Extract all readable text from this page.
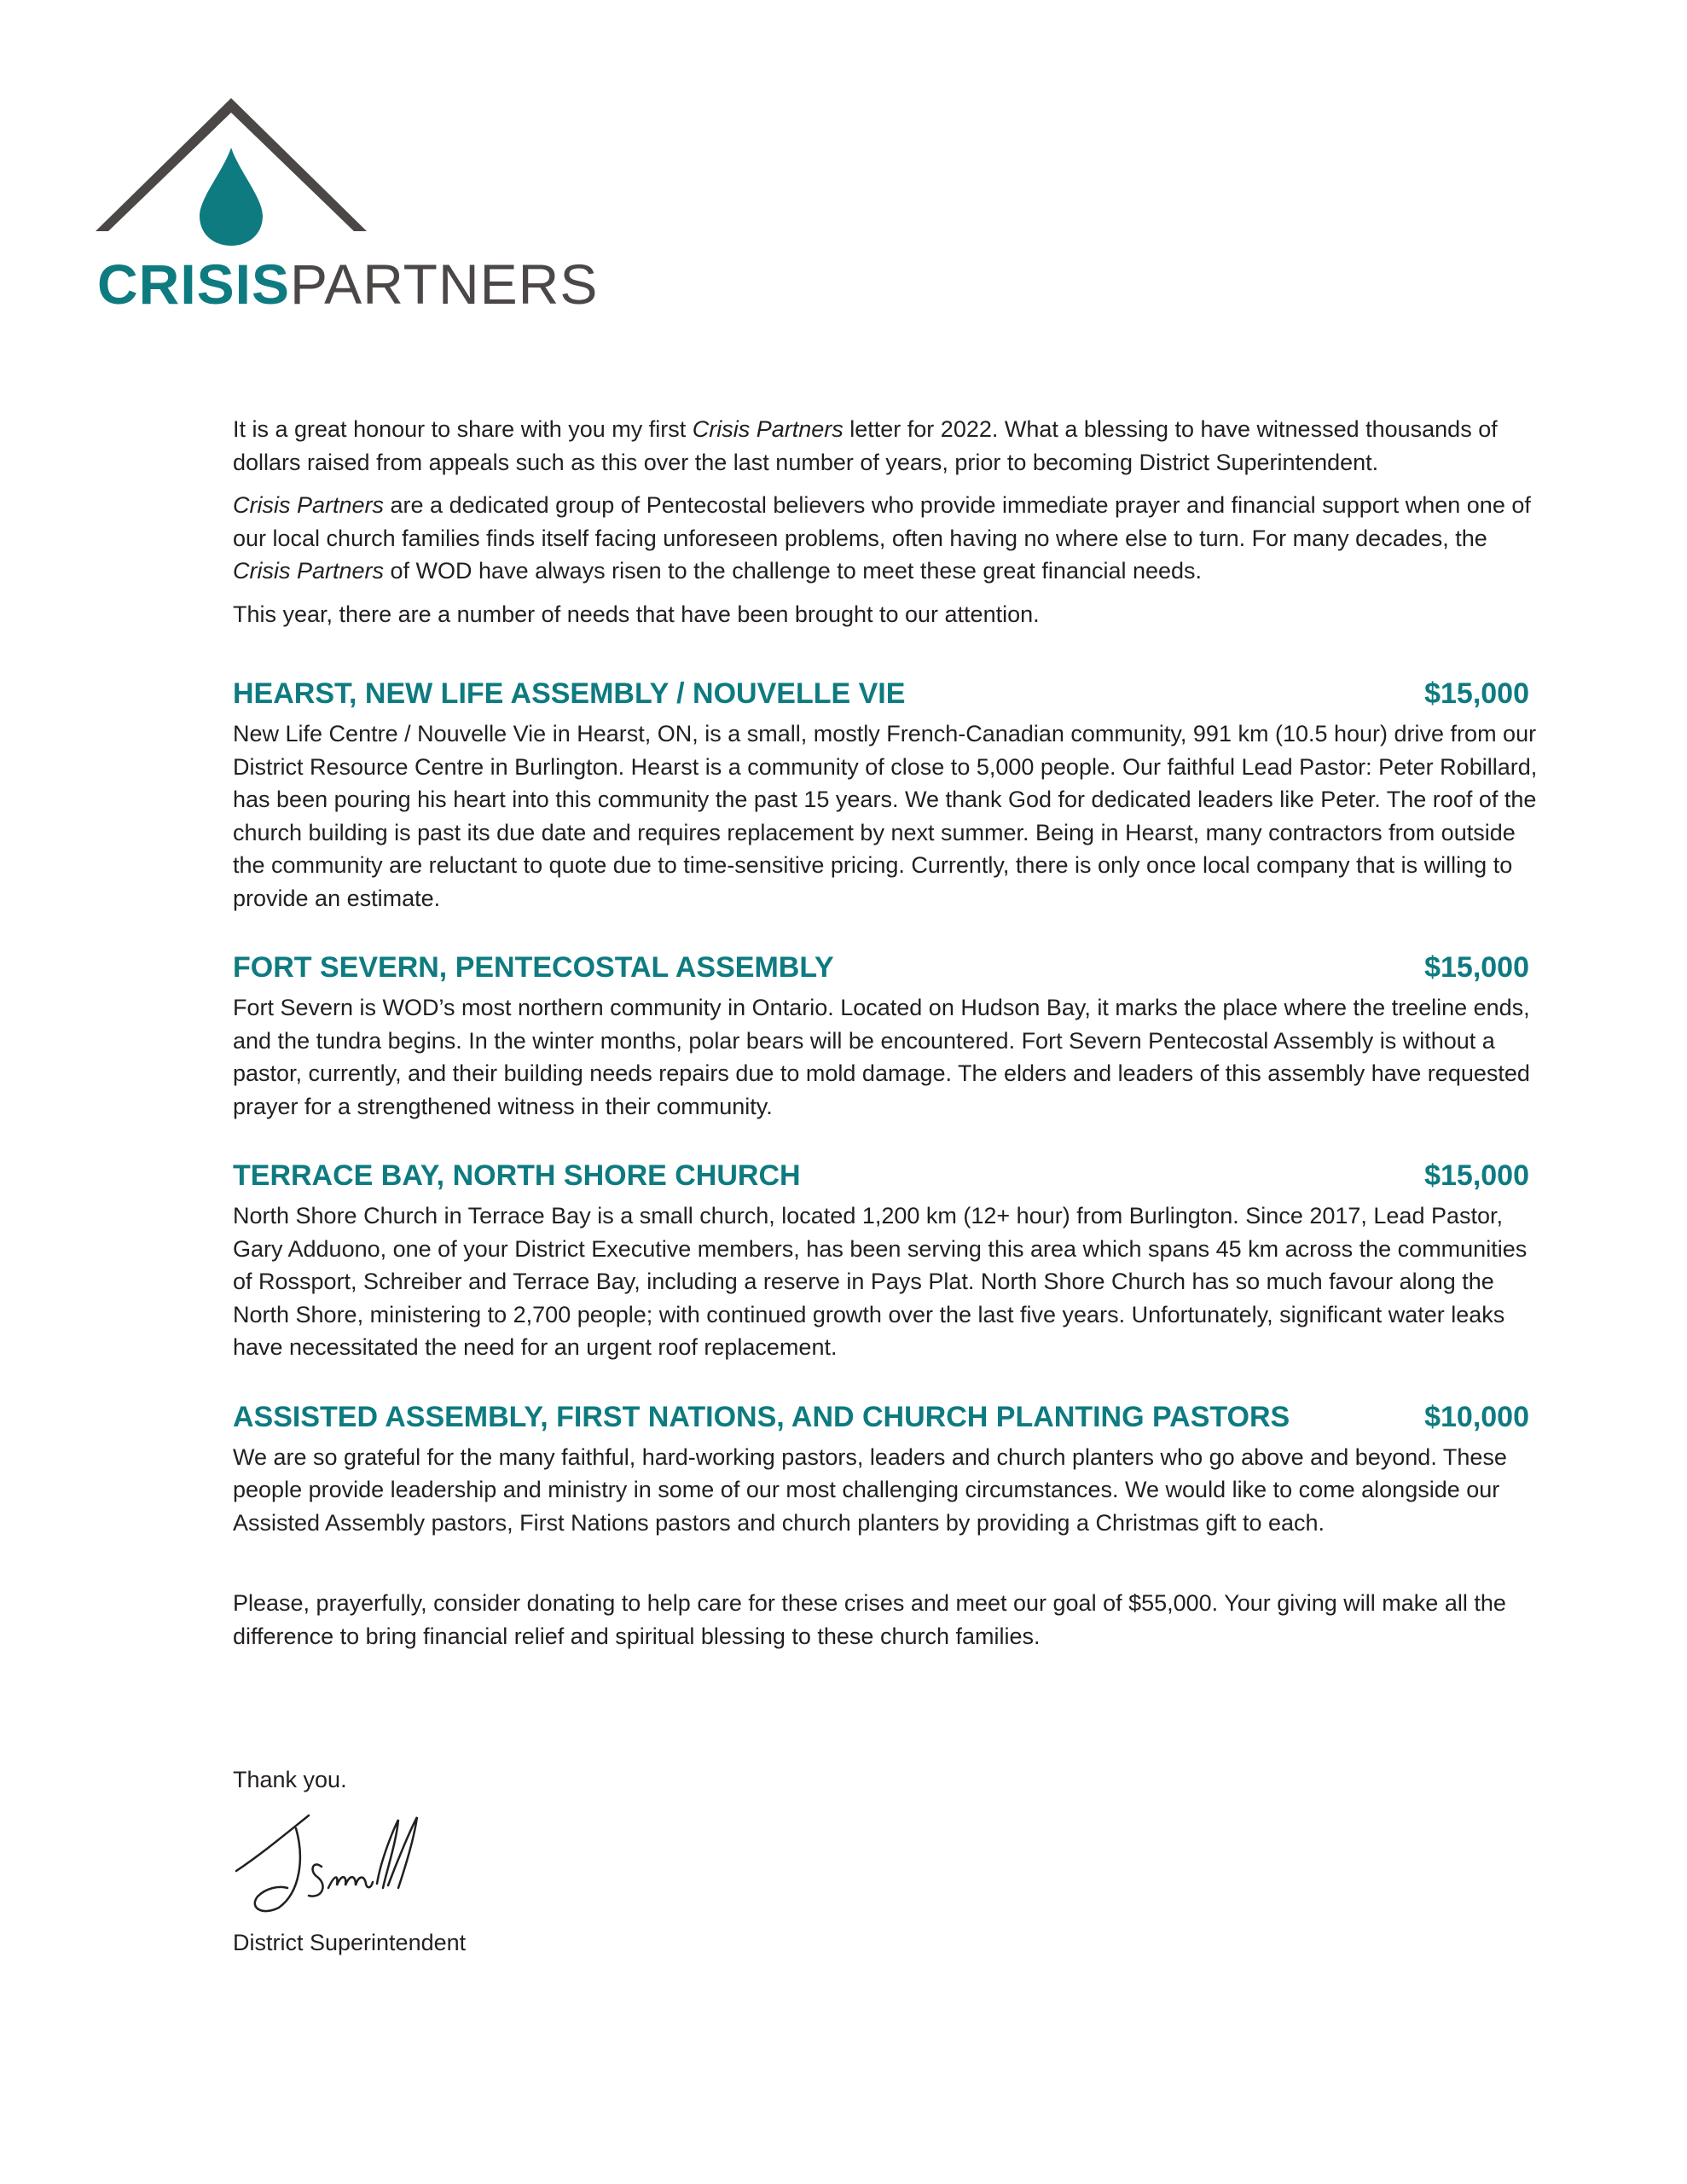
CRISISPARTNERS

It is a great honour to share with you my first Crisis Partners letter for 2022. What a blessing to have witnessed thousands of dollars raised from appeals such as this over the last number of years, prior to becoming District Superintendent.

Crisis Partners are a dedicated group of Pentecostal believers who provide immediate prayer and financial support when one of our local church families finds itself facing unforeseen problems, often having no where else to turn. For many decades, the Crisis Partners of WOD have always risen to the challenge to meet these great financial needs.

This year, there are a number of needs that have been brought to our attention.

HEARST, NEW LIFE ASSEMBLY / NOUVELLE VIE	$15,000

New Life Centre / Nouvelle Vie in Hearst, ON, is a small, mostly French-Canadian community, 991 km (10.5 hour) drive from our District Resource Centre in Burlington. Hearst is a community of close to 5,000 people. Our faithful Lead Pastor: Peter Robillard, has been pouring his heart into this community the past 15 years. We thank God for dedicated leaders like Peter. The roof of the church building is past its due date and requires replacement by next summer. Being in Hearst, many contractors from outside the community are reluctant to quote due to time-sensitive pricing. Currently, there is only once local company that is willing to provide an estimate.

FORT SEVERN, PENTECOSTAL ASSEMBLY	$15,000

Fort Severn is WOD’s most northern community in Ontario. Located on Hudson Bay, it marks the place where the treeline ends, and the tundra begins. In the winter months, polar bears will be encountered. Fort Severn Pentecostal Assembly is without a pastor, currently, and their building needs repairs due to mold damage. The elders and leaders of this assembly have requested prayer for a strengthened witness in their community.

TERRACE BAY, NORTH SHORE CHURCH	$15,000

North Shore Church in Terrace Bay is a small church, located 1,200 km (12+ hour) from Burlington. Since 2017, Lead Pastor, Gary Adduono, one of your District Executive members, has been serving this area which spans 45 km across the communities of Rossport, Schreiber and Terrace Bay, including a reserve in Pays Plat. North Shore Church has so much favour along the North Shore, ministering to 2,700 people; with continued growth over the last five years. Unfortunately, significant water leaks have necessitated the need for an urgent roof replacement.

ASSISTED ASSEMBLY, FIRST NATIONS, AND CHURCH PLANTING PASTORS	$10,000

We are so grateful for the many faithful, hard-working pastors, leaders and church planters who go above and beyond. These people provide leadership and ministry in some of our most challenging circumstances. We would like to come alongside our Assisted Assembly pastors, First Nations pastors and church planters by providing a Christmas gift to each.

Please, prayerfully, consider donating to help care for these crises and meet our goal of $55,000. Your giving will make all the difference to bring financial relief and spiritual blessing to these church families.

Thank you.

District Superintendent
